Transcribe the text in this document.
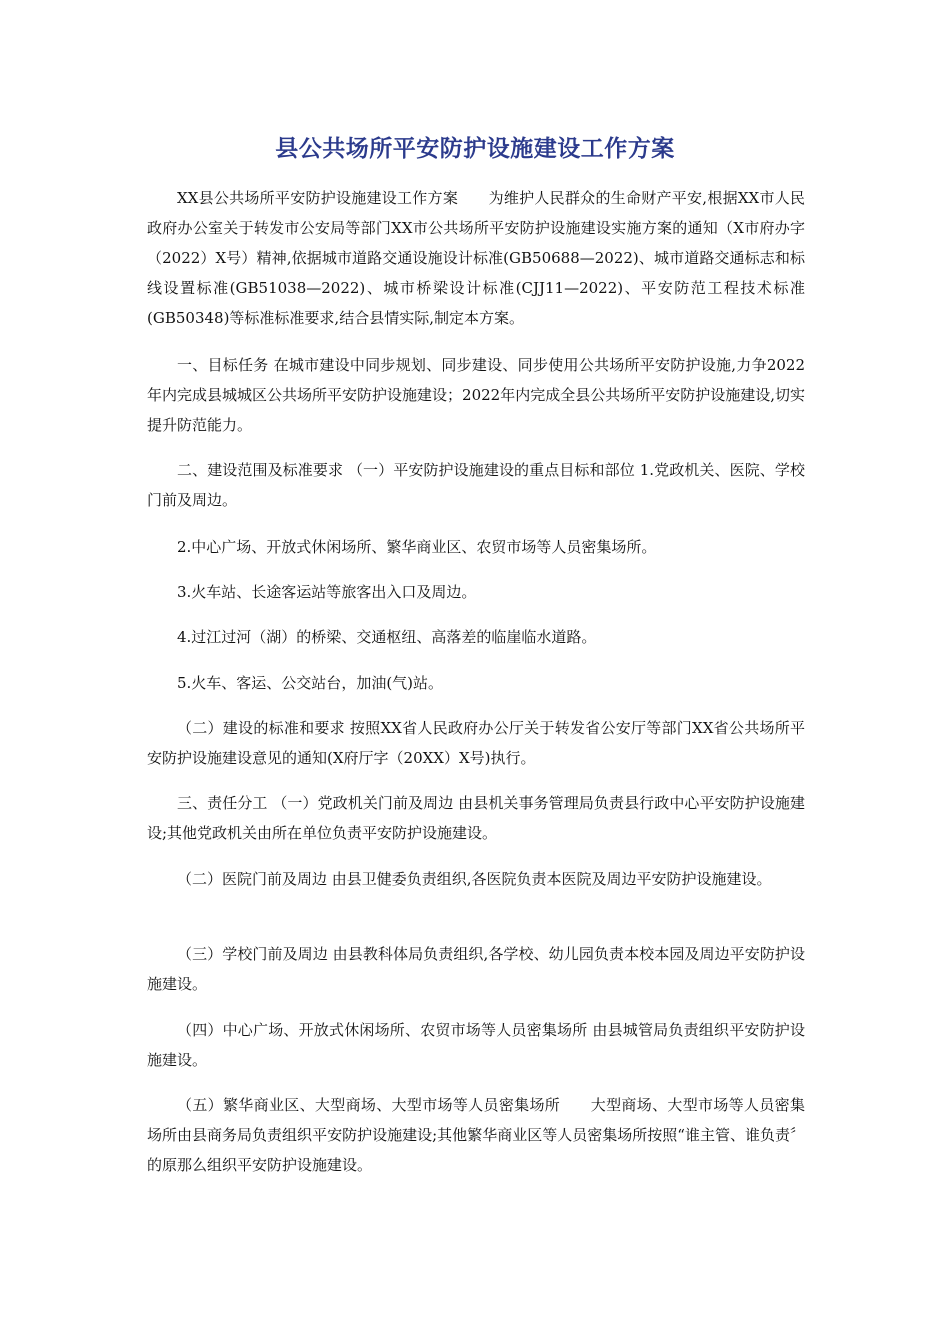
县公共场所平安防护设施建设工作方案

XX县公共场所平安防护设施建设工作方案　　为维护人民群众的生命财产平安,根据XX市人民政府办公室关于转发市公安局等部门XX市公共场所平安防护设施建设实施方案的通知（X市府办字（2022）X号）精神,依据城市道路交通设施设计标准(GB50688—2022)、城市道路交通标志和标线设置标准(GB51038—2022)、城市桥梁设计标准(CJJ11—2022)、平安防范工程技术标准(GB50348)等标准标准要求,结合县情实际,制定本方案。

一、目标任务 在城市建设中同步规划、同步建设、同步使用公共场所平安防护设施,力争2022年内完成县城城区公共场所平安防护设施建设；2022年内完成全县公共场所平安防护设施建设,切实提升防范能力。

二、建设范围及标准要求 （一）平安防护设施建设的重点目标和部位 1.党政机关、医院、学校门前及周边。

2.中心广场、开放式休闲场所、繁华商业区、农贸市场等人员密集场所。

3.火车站、长途客运站等旅客出入口及周边。

4.过江过河（湖）的桥梁、交通枢纽、高落差的临崖临水道路。

5.火车、客运、公交站台，加油(气)站。

（二）建设的标准和要求 按照XX省人民政府办公厅关于转发省公安厅等部门XX省公共场所平安防护设施建设意见的通知(X府厅字（20XX）X号)执行。

三、责任分工 （一）党政机关门前及周边 由县机关事务管理局负责县行政中心平安防护设施建设;其他党政机关由所在单位负责平安防护设施建设。

（二）医院门前及周边 由县卫健委负责组织,各医院负责本医院及周边平安防护设施建设。

（三）学校门前及周边 由县教科体局负责组织,各学校、幼儿园负责本校本园及周边平安防护设施建设。

（四）中心广场、开放式休闲场所、农贸市场等人员密集场所 由县城管局负责组织平安防护设施建设。

（五）繁华商业区、大型商场、大型市场等人员密集场所　　大型商场、大型市场等人员密集场所由县商务局负责组织平安防护设施建设;其他繁华商业区等人员密集场所按照“谁主管、谁负责〞的原那么组织平安防护设施建设。
